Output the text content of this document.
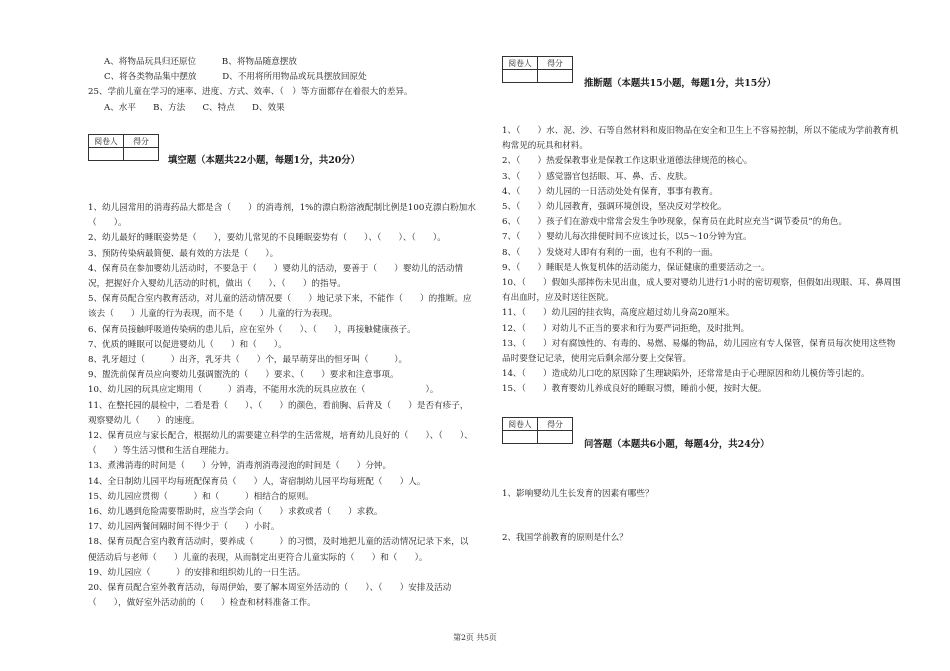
A、将物品玩具归还原位　　　B、将物品随意摆放
C、将各类物品集中摆放　　　D、不用将所用物品或玩具摆放回原处
25、学前儿童在学习的速率、进度、方式、效率、（　）等方面都存在着很大的差异。
A、水平　　B、方法　　C、特点　　D、效果
阅卷人	得分

填空题（本题共22小题，每题1分，共20分）
1、幼儿园常用的消毒药品大都是含（　　）的消毒剂，1%的漂白粉溶液配制比例是100克漂白粉加水（　　）。
2、幼儿最好的睡眠姿势是（　　），要幼儿常见的不良睡眠姿势有（　　）、（　　）、（　　）。
3、预防传染病最简便、最有效的方法是（　　）。
4、保育员在参加婴幼儿活动时，不要急于（　　）婴幼儿的活动，要善于（　　）婴幼儿的活动情况，把握好介入婴幼儿活动的时机，做出（　　）、（　　）的指导。
5、保育员配合室内教育活动，对儿童的活动情况要（　　）地记录下来，不能作（　　）的推断。应该去（　　）儿童的行为表现，而不是（　　）儿童的行为表现。
6、保育员接触呼吸道传染病的患儿后，应在室外（　　）、（　　），再接触健康孩子。
7、优质的睡眠可以促进婴幼儿（　　）和（　　）。
8、乳牙超过（　　　）出齐，乳牙共（　　）个，最早萌芽出的恒牙叫（　　　）。
9、盥洗前保育员应向婴幼儿强调盥洗的（　　）要求、（　　）要求和注意事项。
10、幼儿园的玩具应定期用（　　　）消毒，不能用水洗的玩具应放在（　　　　　　　）。
11、在整托园的晨检中，二看是看（　　）、（　　）的颜色，看前胸、后背及（　　）是否有疹子，观察婴幼儿（　　）的速度。
12、保育员应与家长配合，根据幼儿的需要建立科学的生活常规，培育幼儿良好的（　　）、（　　）、（　　）等生活习惯和生活自理能力。
13、煮沸消毒的时间是（　　）分钟，消毒剂消毒浸泡的时间是（　　）分钟。
14、全日制幼儿园平均每班配保育员（　　）人，寄宿制幼儿园平均每班配（　　）人。
15、幼儿园应贯彻（　　　）和（　　　）相结合的原则。
16、幼儿遇到危险需要帮助时，应当学会向（　　）求救或者（　　）求救。
17、幼儿园两餐间隔时间不得少于（　　）小时。
18、保育员配合室内教育活动时，要养成（　　　）的习惯，及时地把儿童的活动情况记录下来，以便活动后与老师（　　）儿童的表现，从而制定出更符合儿童实际的（　　）和（　　）。
19、幼儿园应（　　　）的安排和组织幼儿的一日生活。
20、保育员配合室外教育活动，每周伊始，要了解本周室外活动的（　　）、（　　）安排及活动（　　），做好室外活动前的（　　）检查和材料准备工作。
阅卷人	得分

推断题（本题共15小题，每题1分，共15分）
1、（　　）水、泥、沙、石等自然材料和废旧物品在安全和卫生上不容易控制，所以不能成为学前教育机构常见的玩具和材料。
2、（　　）热爱保教事业是保教工作这职业道德法律规范的核心。
3、（　　）感觉器官包括眼、耳、鼻、舌、皮肤。
4、（　　）幼儿园的一日活动处处有保育，事事有教育。
5、（　　）幼儿园教育，强调环境创设，坚决反对学校化。
6、（　　）孩子们在游戏中常常会发生争吵现象，保育员在此时应充当“调节委员”的角色。
7、（　　）婴幼儿每次排便时间不应该过长，以5～10分钟为宜。
8、（　　）发烧对人即有有利的一面，也有不利的一面。
9、（　　）睡眠是人恢复机体的活动能力，保证健康的重要活动之一。
10、（　　）假如头部摔伤未见出血，成人要对婴幼儿进行1小时的密切观察，但假如出现眼、耳、鼻周围有出血时，应及时送往医院。
11、（　　）幼儿园的挂衣钩，高度应超过幼儿身高20厘米。
12、（　　）对幼儿不正当的要求和行为要严词拒绝，及时批判。
13、（　　）对有腐蚀性的、有毒的、易燃、易爆的物品，幼儿园应有专人保管，保育员每次使用这些物品时要登记记录，使用完后剩余部分要上交保管。
14、（　　）造成幼儿口吃的原因除了生理缺陷外，还常常是由于心理原因和幼儿模仿等引起的。
15、（　　）教育婴幼儿养成良好的睡眠习惯，睡前小便，按时大便。
阅卷人	得分

问答题（本题共6小题，每题4分，共24分）
1、影响婴幼儿生长发育的因素有哪些？
2、我国学前教育的原则是什么？
第2页 共5页
